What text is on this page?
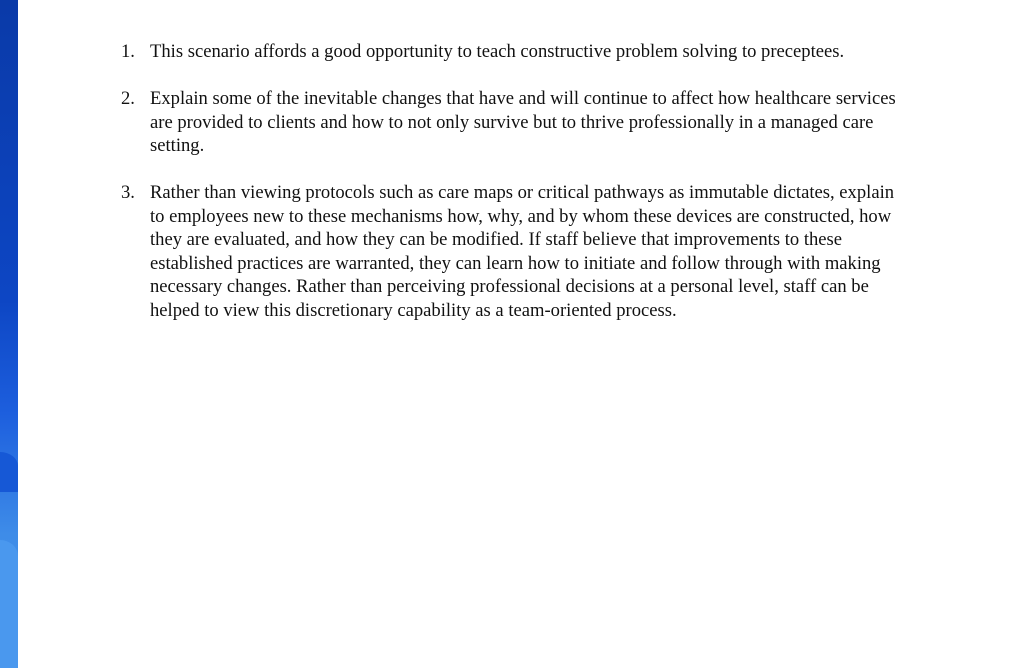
1. This scenario affords a good opportunity to teach constructive problem solving to preceptees.
2. Explain some of the inevitable changes that have and will continue to affect how healthcare services are provided to clients and how to not only survive but to thrive professionally in a managed care setting.
3. Rather than viewing protocols such as care maps or critical pathways as immutable dictates, explain to employees new to these mechanisms how, why, and by whom these devices are constructed, how they are evaluated, and how they can be modified. If staff believe that improvements to these established practices are warranted, they can learn how to initiate and follow through with making necessary changes. Rather than perceiving professional decisions at a personal level, staff can be helped to view this discretionary capability as a team-oriented process.
